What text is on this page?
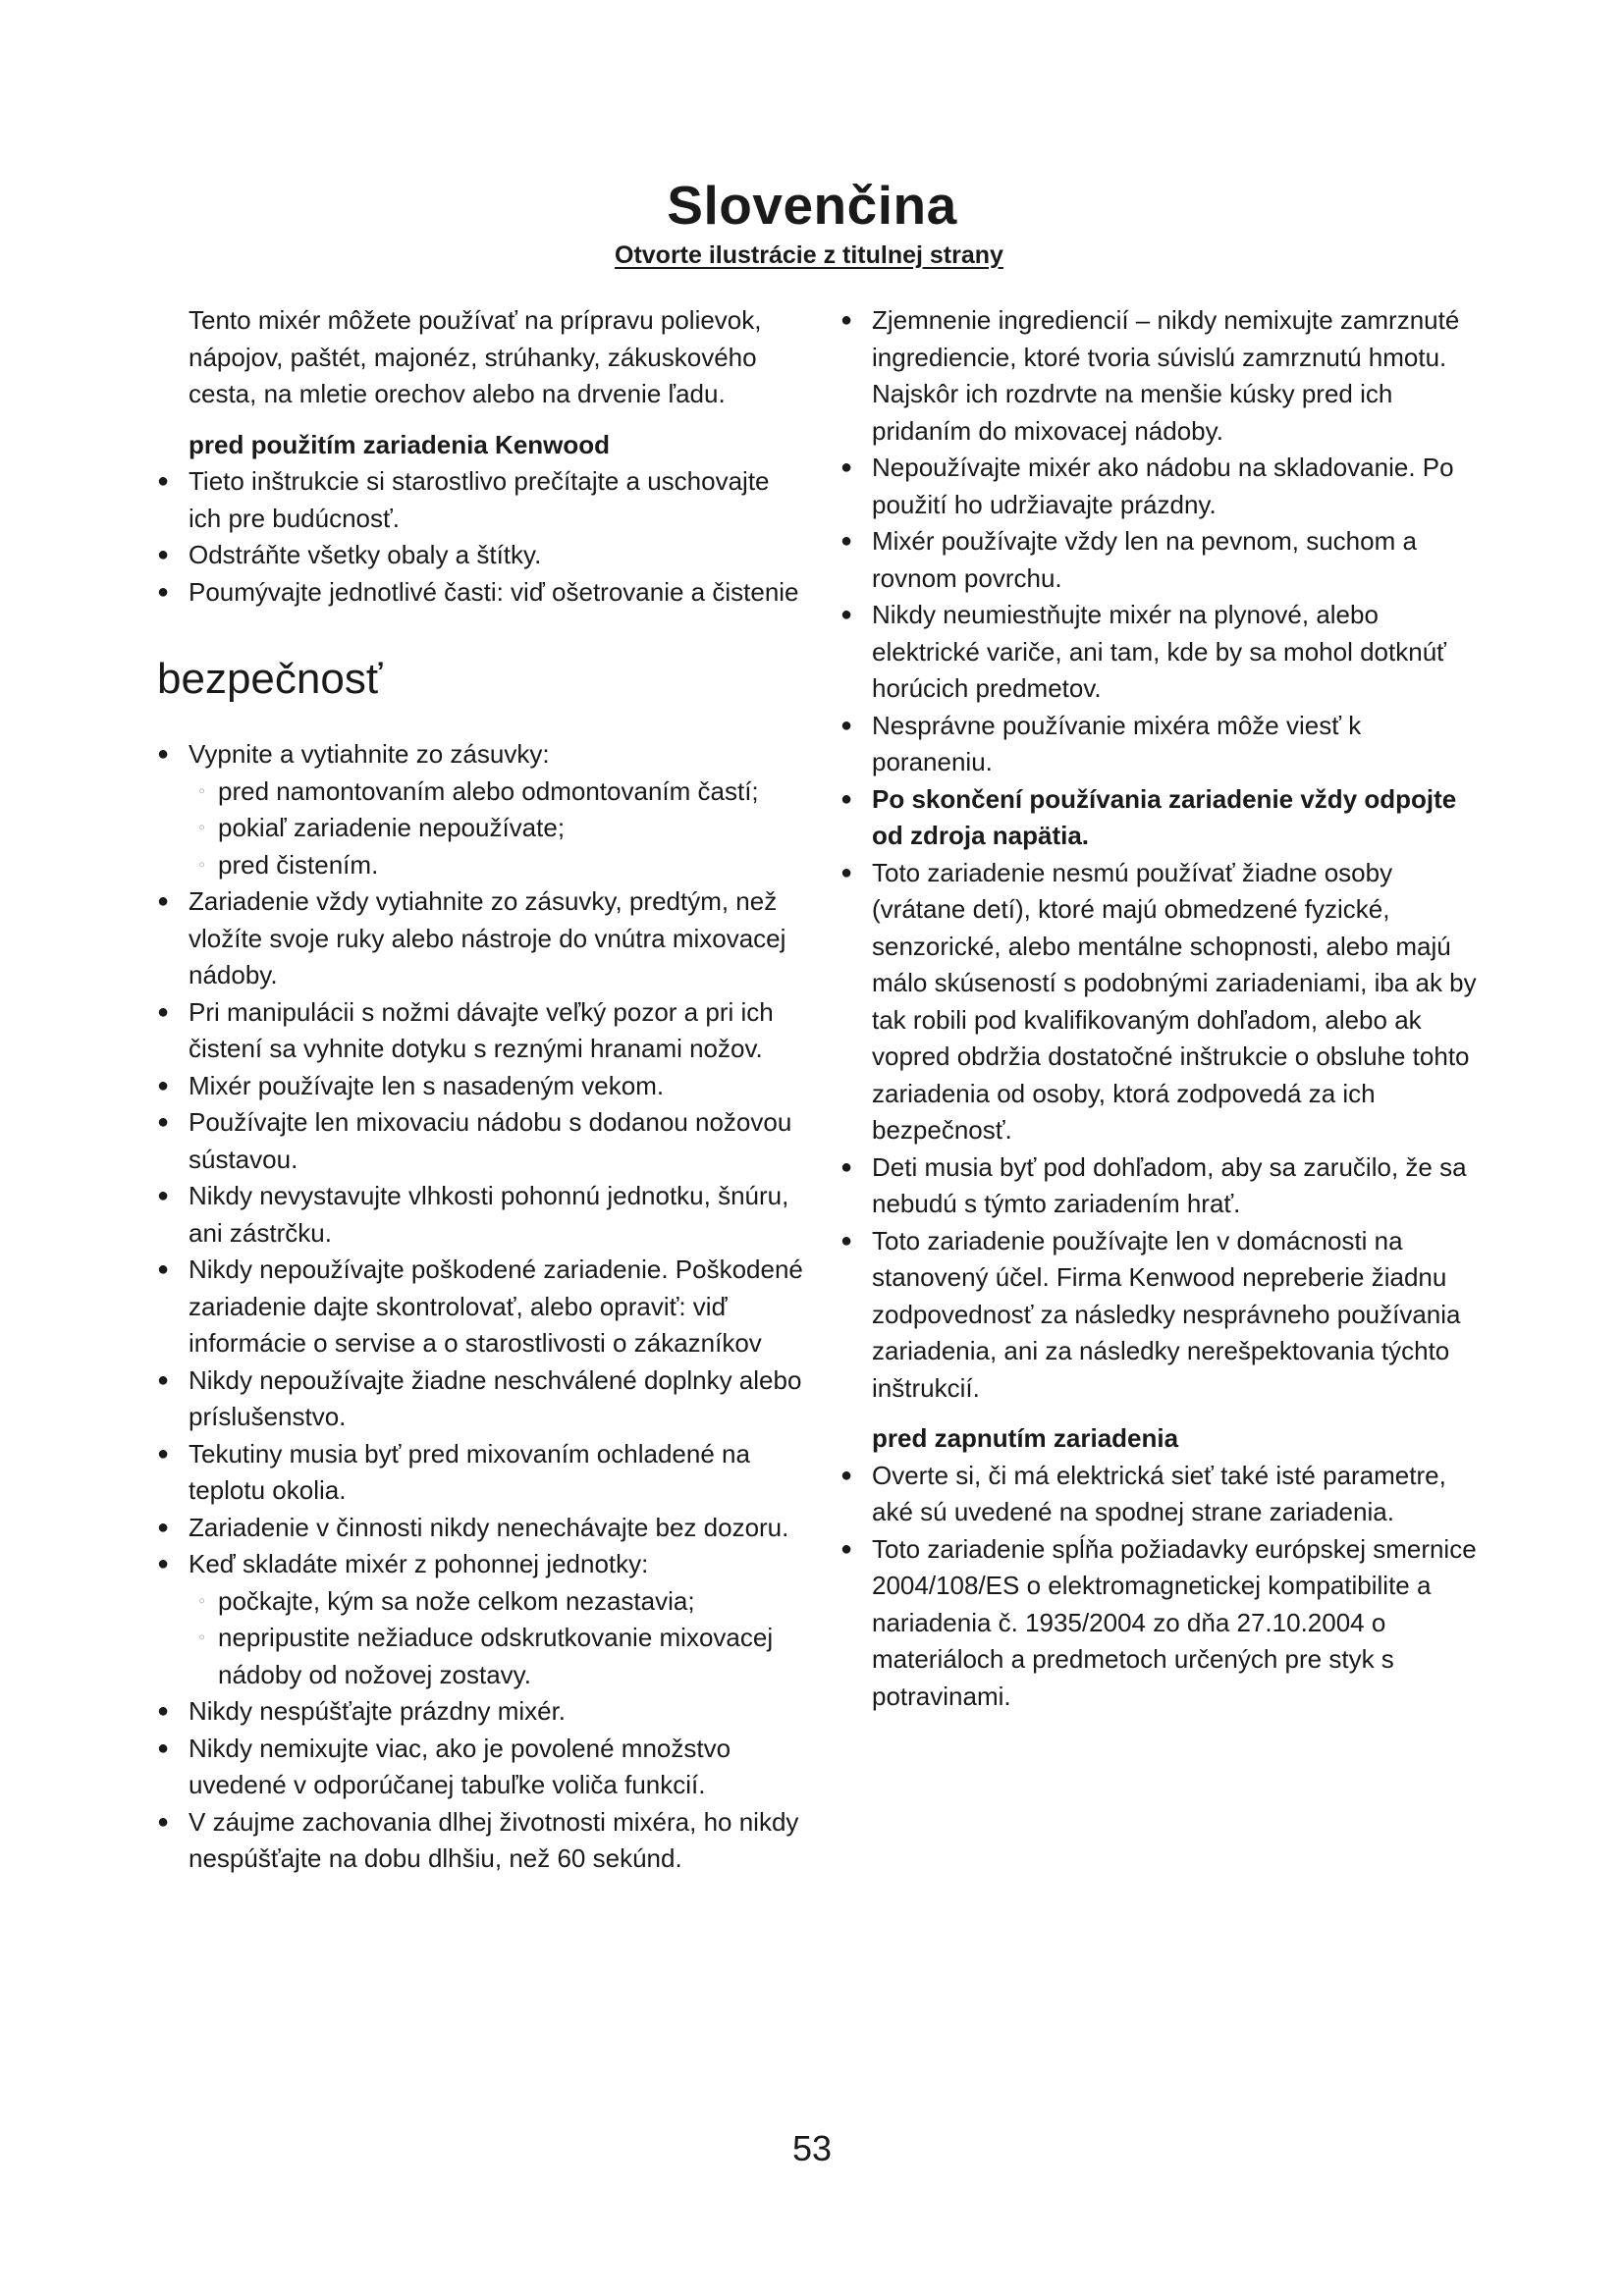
Slovenčina
Otvorte ilustrácie z titulnej strany

Tento mixér môžete používať na prípravu polievok, nápojov, paštét, majonéz, strúhanky, zákuskového cesta, na mletie orechov alebo na drvenie ľadu.

pred použitím zariadenia Kenwood
● Tieto inštrukcie si starostlivo prečítajte a uschovajte ich pre budúcnosť.
● Odstráňte všetky obaly a štítky.
● Poumývajte jednotlivé časti: viď ošetrovanie a čistenie
bezpečnosť
● Vypnite a vytiahnite zo zásuvky:
◦ pred namontovaním alebo odmontovaním častí;
◦ pokiaľ zariadenie nepoužívate;
◦ pred čistením.
● Zariadenie vždy vytiahnite zo zásuvky, predtým, než vložíte svoje ruky alebo nástroje do vnútra mixovacej nádoby.
● Pri manipulácii s nožmi dávajte veľký pozor a pri ich čistení sa vyhnite dotyku s reznými hranami nožov.
● Mixér používajte len s nasadeným vekom.
● Používajte len mixovaciu nádobu s dodanou nožovou sústavou.
● Nikdy nevystavujte vlhkosti pohonnú jednotku, šnúru, ani zástrčku.
● Nikdy nepoužívajte poškodené zariadenie. Poškodené zariadenie dajte skontrolovať, alebo opraviť: viď informácie o servise a o starostlivosti o zákazníkov
● Nikdy nepoužívajte žiadne neschválené doplnky alebo príslušenstvo.
● Tekutiny musia byť pred mixovaním ochladené na teplotu okolia.
● Zariadenie v činnosti nikdy nenechávajte bez dozoru.
● Keď skladáte mixér z pohonnej jednotky:
◦ počkajte, kým sa nože celkom nezastavia;
◦ nepripustite nežiaduce odskrutkovanie mixovacej nádoby od nožovej zostavy.
● Nikdy nespúšťajte prázdny mixér.
● Nikdy nemixujte viac, ako je povolené množstvo uvedené v odporúčanej tabuľke voliča funkcií.
● V záujme zachovania dlhej životnosti mixéra, ho nikdy nespúšťajte na dobu dlhšiu, než 60 sekúnd.
● Zjemnenie ingrediencií – nikdy nemixujte zamrznuté ingrediencie, ktoré tvoria súvislú zamrznutú hmotu. Najskôr ich rozdrvte na menšie kúsky pred ich pridaním do mixovacej nádoby.
● Nepoužívajte mixér ako nádobu na skladovanie. Po použití ho udržiavajte prázdny.
● Mixér používajte vždy len na pevnom, suchom a rovnom povrchu.
● Nikdy neumiestňujte mixér na plynové, alebo elektrické variče, ani tam, kde by sa mohol dotknúť horúcich predmetov.
● Nesprávne používanie mixéra môže viesť k poraneniu.
● Po skončení používania zariadenie vždy odpojte od zdroja napätia.
● Toto zariadenie nesmú používať žiadne osoby (vrátane detí), ktoré majú obmedzené fyzické, senzorické, alebo mentálne schopnosti, alebo majú málo skúseností s podobnými zariadeniami, iba ak by tak robili pod kvalifikovaným dohľadom, alebo ak vopred obdržia dostatočné inštrukcie o obsluhe tohto zariadenia od osoby, ktorá zodpovedá za ich bezpečnosť.
● Deti musia byť pod dohľadom, aby sa zaručilo, že sa nebudú s týmto zariadením hrať.
● Toto zariadenie používajte len v domácnosti na stanovený účel. Firma Kenwood nepreberie žiadnu zodpovednosť za následky nesprávneho používania zariadenia, ani za následky nerešpektovania týchto inštrukcií.
pred zapnutím zariadenia
● Overte si, či má elektrická sieť také isté parametre, aké sú uvedené na spodnej strane zariadenia.
● Toto zariadenie spĺňa požiadavky európskej smernice 2004/108/ES o elektromagnetickej kompatibilite a nariadenia č. 1935/2004 zo dňa 27.10.2004 o materiáloch a predmetoch určených pre styk s potravinami.
53
